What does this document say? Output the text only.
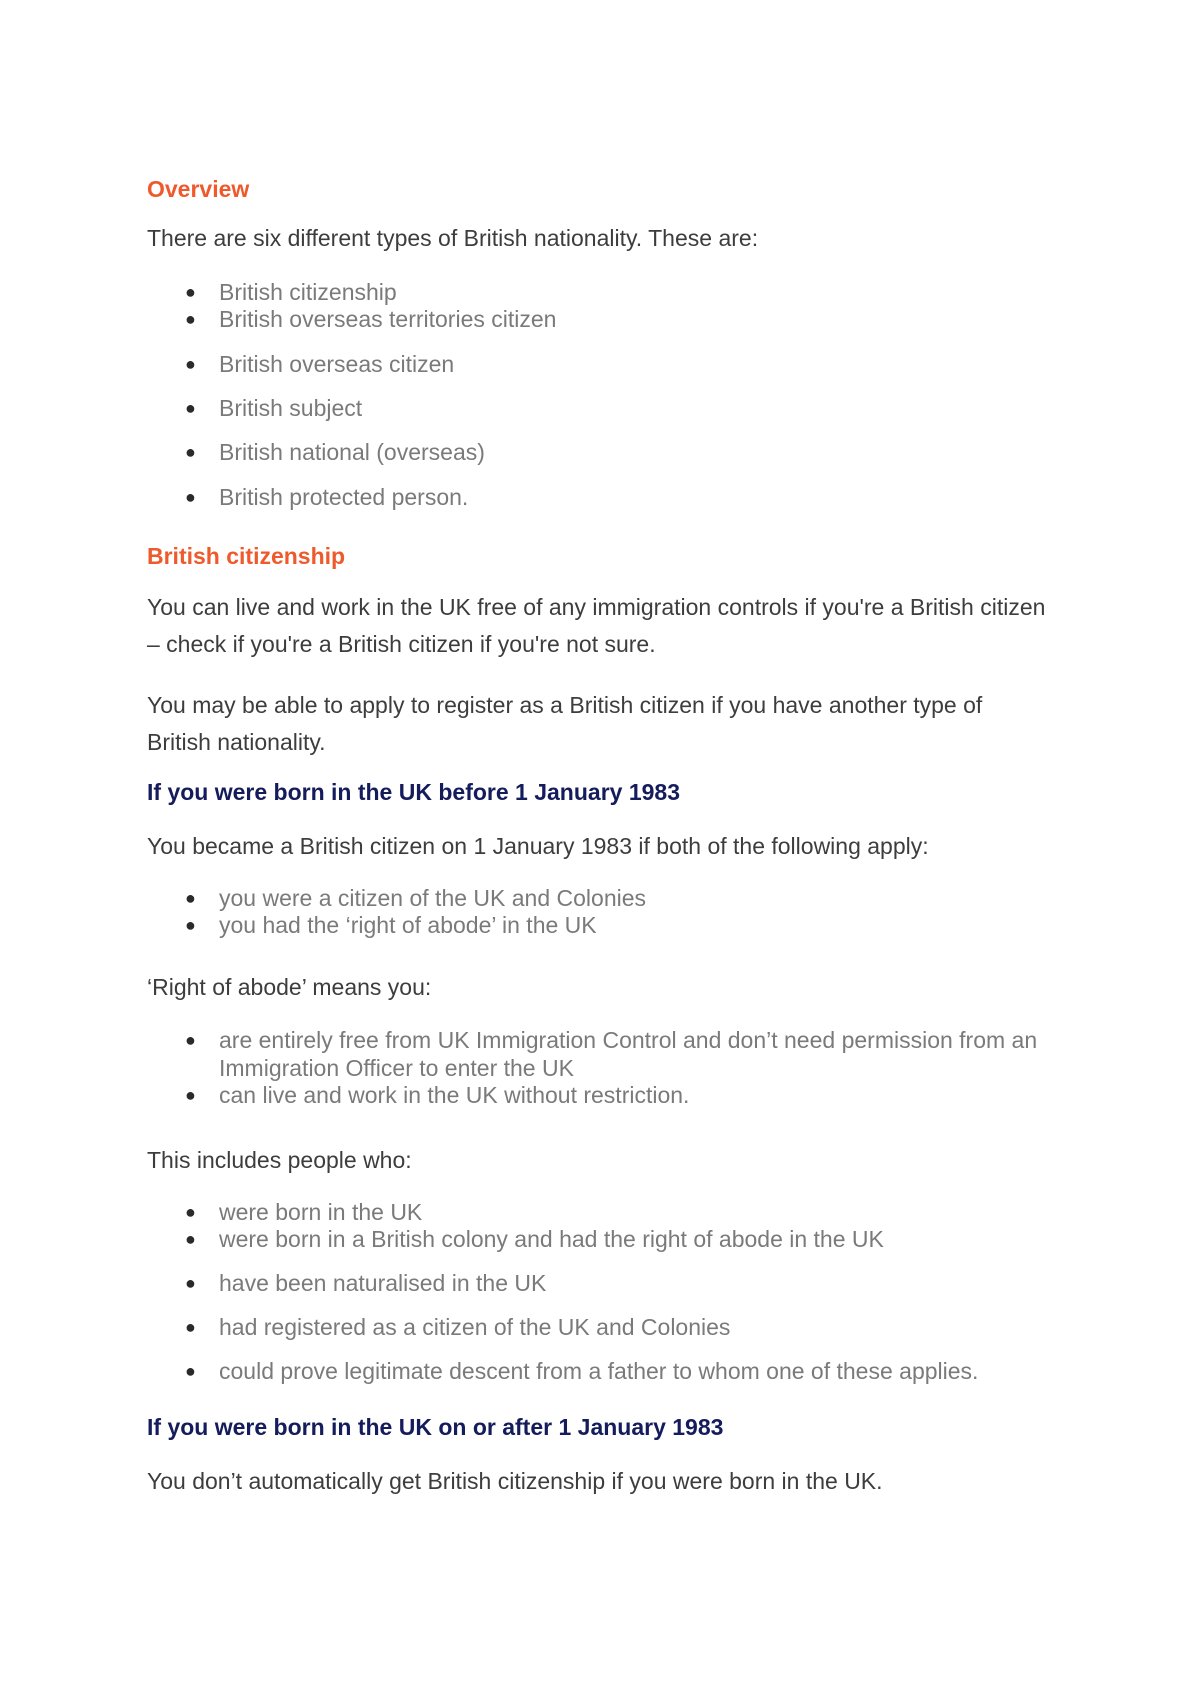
Overview

There are six different types of British nationality. These are:

● British citizenship
● British overseas territories citizen
● British overseas citizen
● British subject
● British national (overseas)
● British protected person.
British citizenship

You can live and work in the UK free of any immigration controls if you're a British citizen – check if you're a British citizen if you're not sure.

You may be able to apply to register as a British citizen if you have another type of British nationality.

If you were born in the UK before 1 January 1983

You became a British citizen on 1 January 1983 if both of the following apply:

● you were a citizen of the UK and Colonies
● you had the ‘right of abode’ in the UK

‘Right of abode’ means you:

● are entirely free from UK Immigration Control and don’t need permission from an Immigration Officer to enter the UK
● can live and work in the UK without restriction.

This includes people who:

● were born in the UK
● were born in a British colony and had the right of abode in the UK
● have been naturalised in the UK
● had registered as a citizen of the UK and Colonies
● could prove legitimate descent from a father to whom one of these applies.
If you were born in the UK on or after 1 January 1983

You don’t automatically get British citizenship if you were born in the UK.
